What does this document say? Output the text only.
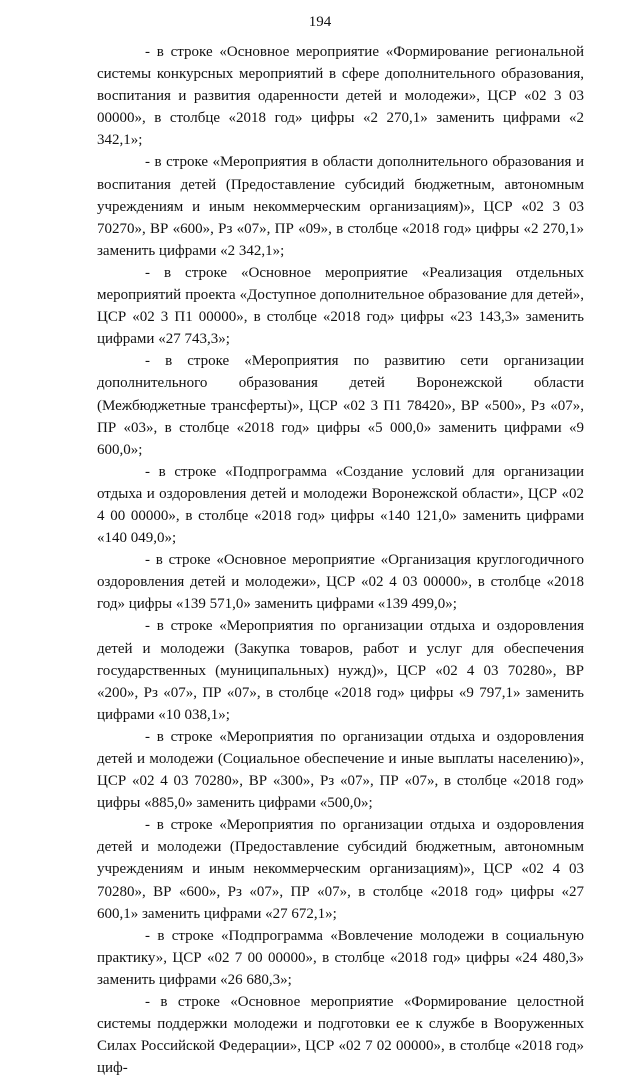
194

- в строке «Основное мероприятие «Формирование региональной системы конкурсных мероприятий в сфере дополнительного образования, воспитания и развития одаренности детей и молодежи», ЦСР «02 3 03 00000», в столбце «2018 год» цифры «2 270,1» заменить цифрами «2 342,1»;

- в строке «Мероприятия в области дополнительного образования и воспитания детей (Предоставление субсидий бюджетным, автономным учреждениям и иным некоммерческим организациям)», ЦСР «02 3 03 70270», ВР «600», Рз «07», ПР «09», в столбце «2018 год» цифры «2 270,1» заменить цифрами «2 342,1»;

- в строке «Основное мероприятие «Реализация отдельных мероприятий проекта «Доступное дополнительное образование для детей», ЦСР «02 3 П1 00000», в столбце «2018 год» цифры «23 143,3» заменить цифрами «27 743,3»;

- в строке «Мероприятия по развитию сети организации дополнительного образования детей Воронежской области (Межбюджетные трансферты)», ЦСР «02 3 П1 78420», ВР «500», Рз «07», ПР «03», в столбце «2018 год» цифры «5 000,0» заменить цифрами «9 600,0»;

- в строке «Подпрограмма «Создание условий для организации отдыха и оздоровления детей и молодежи Воронежской области», ЦСР «02 4 00 00000», в столбце «2018 год» цифры «140 121,0» заменить цифрами «140 049,0»;

- в строке «Основное мероприятие «Организация круглогодичного оздоровления детей и молодежи», ЦСР «02 4 03 00000», в столбце «2018 год» цифры «139 571,0» заменить цифрами «139 499,0»;

- в строке «Мероприятия по организации отдыха и оздоровления детей и молодежи (Закупка товаров, работ и услуг для обеспечения государственных (муниципальных) нужд)», ЦСР «02 4 03 70280», ВР «200», Рз «07», ПР «07», в столбце «2018 год» цифры «9 797,1» заменить цифрами «10 038,1»;

- в строке «Мероприятия по организации отдыха и оздоровления детей и молодежи (Социальное обеспечение и иные выплаты населению)», ЦСР «02 4 03 70280», ВР «300», Рз «07», ПР «07», в столбце «2018 год» цифры «885,0» заменить цифрами «500,0»;

- в строке «Мероприятия по организации отдыха и оздоровления детей и молодежи (Предоставление субсидий бюджетным, автономным учреждениям и иным некоммерческим организациям)», ЦСР «02 4 03 70280», ВР «600», Рз «07», ПР «07», в столбце «2018 год» цифры «27 600,1» заменить цифрами «27 672,1»;

- в строке «Подпрограмма «Вовлечение молодежи в социальную практику», ЦСР «02 7 00 00000», в столбце «2018 год» цифры «24 480,3» заменить цифрами «26 680,3»;

- в строке «Основное мероприятие «Формирование целостной системы поддержки молодежи и подготовки ее к службе в Вооруженных Силах Российской Федерации», ЦСР «02 7 02 00000», в столбце «2018 год» циф-
